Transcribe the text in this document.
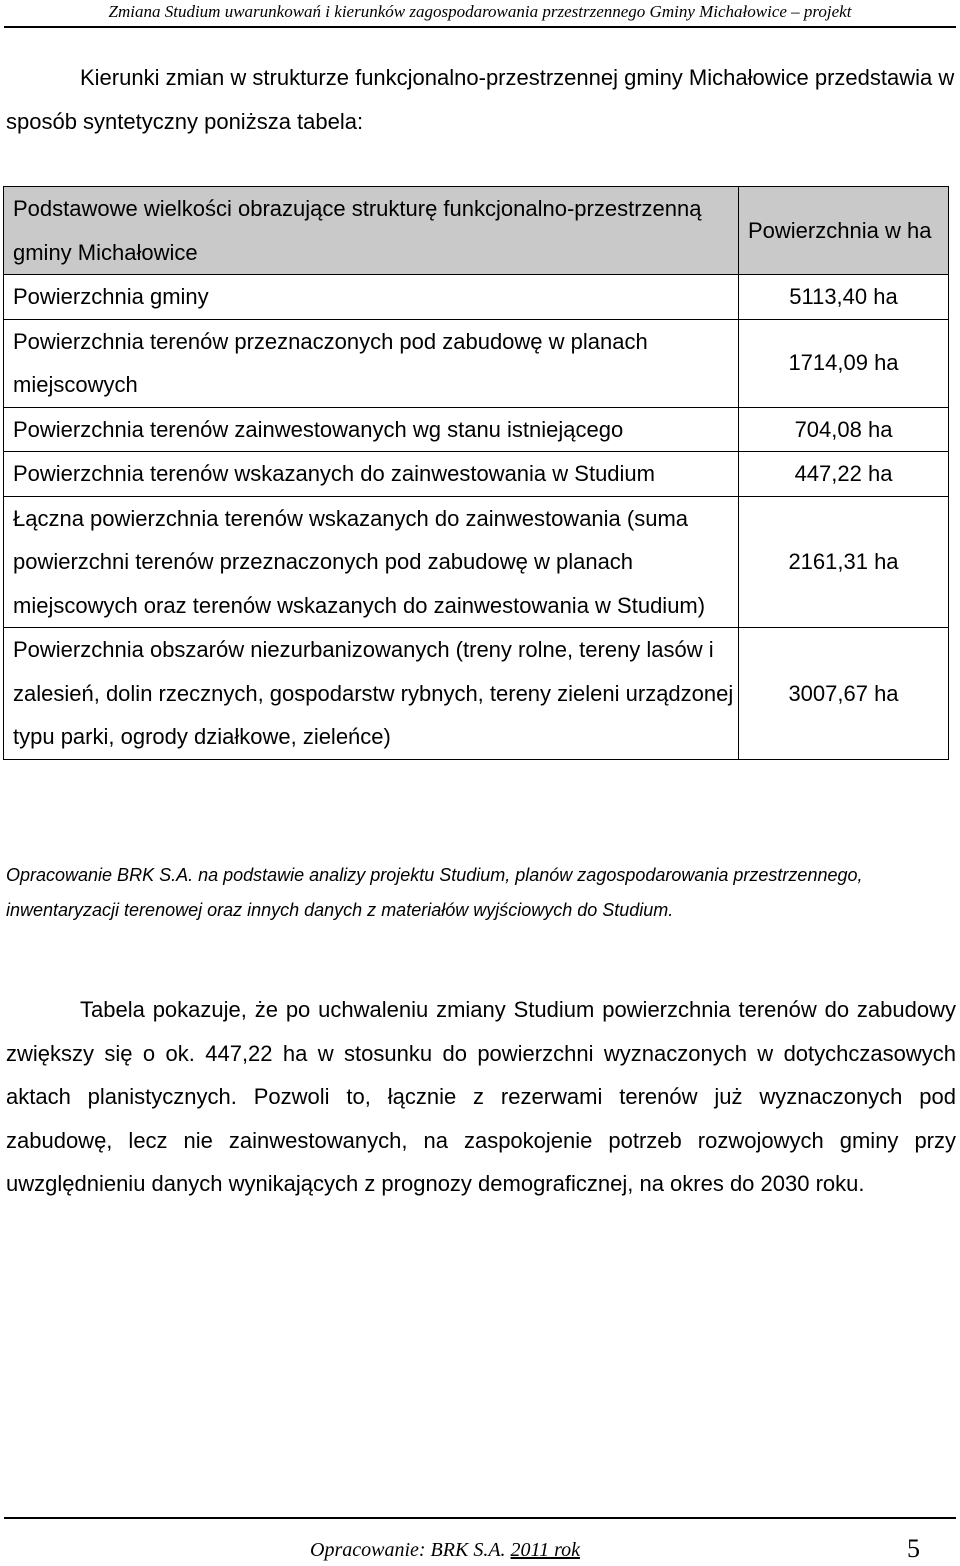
Zmiana Studium uwarunkowań i kierunków zagospodarowania przestrzennego Gminy Michałowice – projekt

Kierunki zmian w strukturze funkcjonalno-przestrzennej gminy Michałowice przedstawia w sposób syntetyczny poniższa tabela:

Podstawowe wielkości obrazujące strukturę funkcjonalno-przestrzenną gminy Michałowice	Powierzchnia w ha
Powierzchnia gminy	5113,40 ha
Powierzchnia terenów przeznaczonych pod zabudowę w planach miejscowych	1714,09 ha
Powierzchnia terenów zainwestowanych wg stanu istniejącego	704,08 ha
Powierzchnia terenów wskazanych do zainwestowania w Studium	447,22 ha
Łączna powierzchnia terenów wskazanych do zainwestowania (suma powierzchni terenów przeznaczonych pod zabudowę w planach miejscowych oraz terenów wskazanych do zainwestowania w Studium)	2161,31 ha
Powierzchnia obszarów niezurbanizowanych (treny rolne, tereny lasów i zalesień, dolin rzecznych, gospodarstw rybnych, tereny zieleni urządzonej typu parki, ogrody działkowe, zieleńce)	3007,67 ha

Opracowanie BRK S.A. na podstawie analizy projektu Studium, planów zagospodarowania przestrzennego, inwentaryzacji terenowej oraz innych danych z materiałów wyjściowych do Studium.

Tabela pokazuje, że po uchwaleniu zmiany Studium powierzchnia terenów do zabudowy zwiększy się o ok. 447,22 ha w stosunku do powierzchni wyznaczonych w dotychczasowych aktach planistycznych. Pozwoli to, łącznie z rezerwami terenów już wyznaczonych pod zabudowę, lecz nie zainwestowanych, na zaspokojenie potrzeb rozwojowych gminy przy uwzględnieniu danych wynikających z prognozy demograficznej, na okres do 2030 roku.

Opracowanie: BRK S.A. 2011 rok	5
